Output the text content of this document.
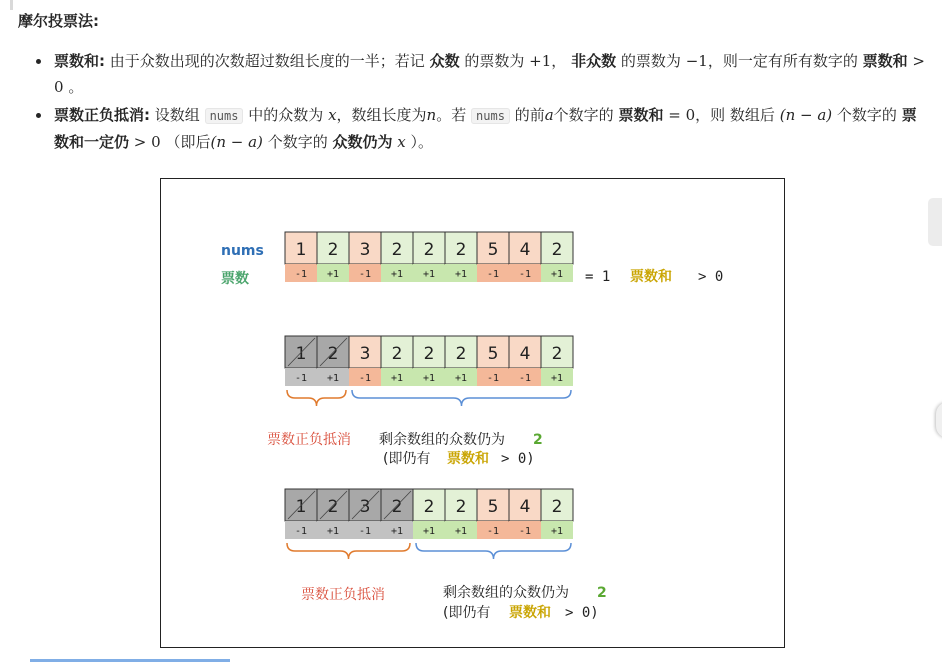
摩尔投票法:
票数和: 由于众数出现的次数超过数组长度的一半；若记 众数 的票数为 +1， 非众数 的票数为 −1，则一定有所有数字的 票数和 > 0 。
票数正负抵消: 设数组 nums 中的众数为 x，数组长度为n。若 nums 的前a个数字的 票数和 = 0，则 数组后 (n − a) 个数字的 票数和一定仍 > 0 （即后(n − a) 个数字的 众数仍为 x ）。
nums
票数
1
-1
2
+1
3
-1
2
+1
2
+1
2
+1
5
-1
4
-1
2
+1 = 1 票数和 > 0
1
-1
2
+1
3
-1
2
+1
2
+1
2
+1
5
-1
4
-1
2
+1
票数正负抵消 剩余数组的众数仍为 2
(即仍有 票数和 > 0)
1
-1
2
+1
3
-1
2
+1
2
+1
2
+1
5
-1
4
-1
2
+1
票数正负抵消	剩余数组的众数仍为 2
(即仍有 票数和 > 0)
